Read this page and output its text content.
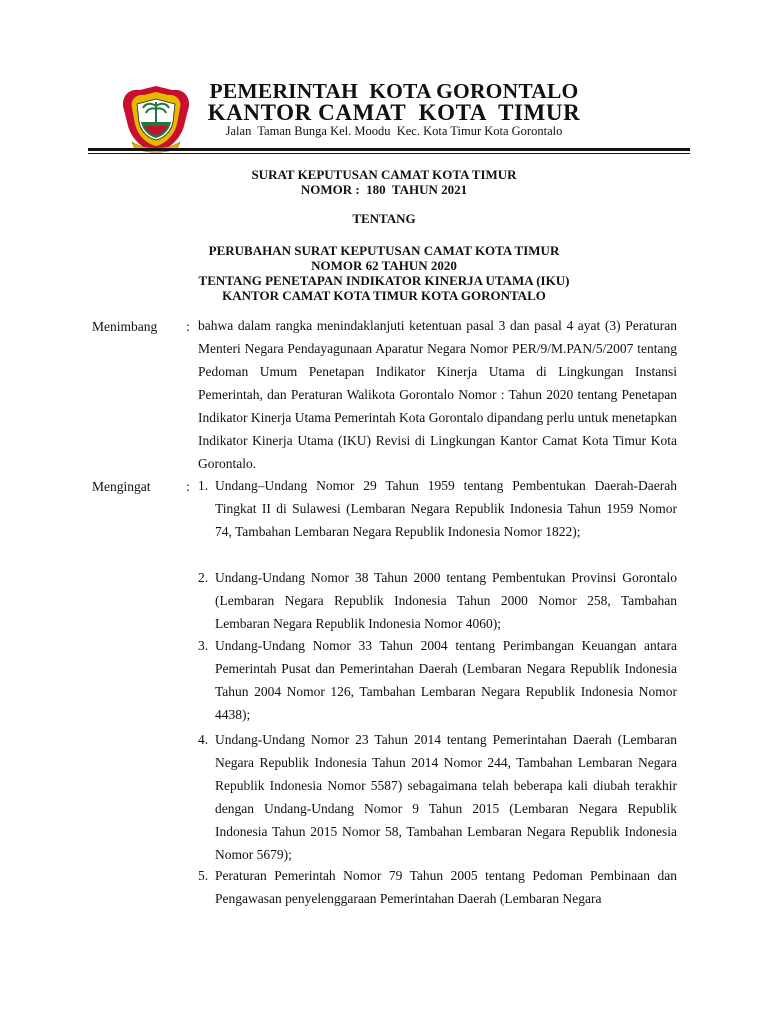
PEMERINTAH  KOTA GORONTALO

KANTOR CAMAT  KOTA  TIMUR

Jalan  Taman Bunga Kel. Moodu  Kec. Kota Timur Kota Gorontalo

SURAT KEPUTUSAN CAMAT KOTA TIMUR

NOMOR :  180  TAHUN 2021

TENTANG

PERUBAHAN SURAT KEPUTUSAN CAMAT KOTA TIMUR

NOMOR 62 TAHUN 2020

TENTANG PENETAPAN INDIKATOR KINERJA UTAMA (IKU)

KANTOR CAMAT KOTA TIMUR KOTA GORONTALO

Menimbang : bahwa dalam rangka menindaklanjuti ketentuan pasal 3 dan pasal 4 ayat (3) Peraturan Menteri Negara Pendayagunaan Aparatur Negara Nomor PER/9/M.PAN/5/2007 tentang Pedoman Umum Penetapan Indikator Kinerja Utama di Lingkungan Instansi Pemerintah, dan Peraturan Walikota Gorontalo Nomor : Tahun 2020 tentang Penetapan Indikator Kinerja Utama Pemerintah Kota Gorontalo dipandang perlu untuk menetapkan Indikator Kinerja Utama (IKU) Revisi di Lingkungan Kantor Camat Kota Timur Kota Gorontalo.

Mengingat	: 1. Undang–Undang Nomor 29 Tahun 1959 tentang Pembentukan Daerah-Daerah Tingkat II di Sulawesi (Lembaran Negara Republik Indonesia Tahun 1959 Nomor 74, Tambahan Lembaran Negara Republik Indonesia Nomor 1822);

2. Undang-Undang Nomor 38 Tahun 2000 tentang Pembentukan Provinsi Gorontalo (Lembaran Negara Republik Indonesia Tahun 2000 Nomor 258, Tambahan Lembaran Negara Republik Indonesia Nomor 4060);

3. Undang-Undang Nomor 33 Tahun 2004 tentang Perimbangan Keuangan antara Pemerintah Pusat dan Pemerintahan Daerah (Lembaran Negara Republik Indonesia Tahun 2004 Nomor 126, Tambahan Lembaran Negara Republik Indonesia Nomor 4438);

4. Undang-Undang Nomor 23 Tahun 2014 tentang Pemerintahan Daerah (Lembaran Negara Republik Indonesia Tahun 2014 Nomor 244, Tambahan Lembaran Negara Republik Indonesia Nomor 5587) sebagaimana telah beberapa kali diubah terakhir dengan Undang-Undang Nomor 9 Tahun 2015 (Lembaran Negara Republik Indonesia Tahun 2015 Nomor 58, Tambahan Lembaran Negara Republik Indonesia Nomor 5679);

5. Peraturan Pemerintah Nomor 79 Tahun 2005 tentang Pedoman Pembinaan dan Pengawasan penyelenggaraan Pemerintahan Daerah (Lembaran Negara
